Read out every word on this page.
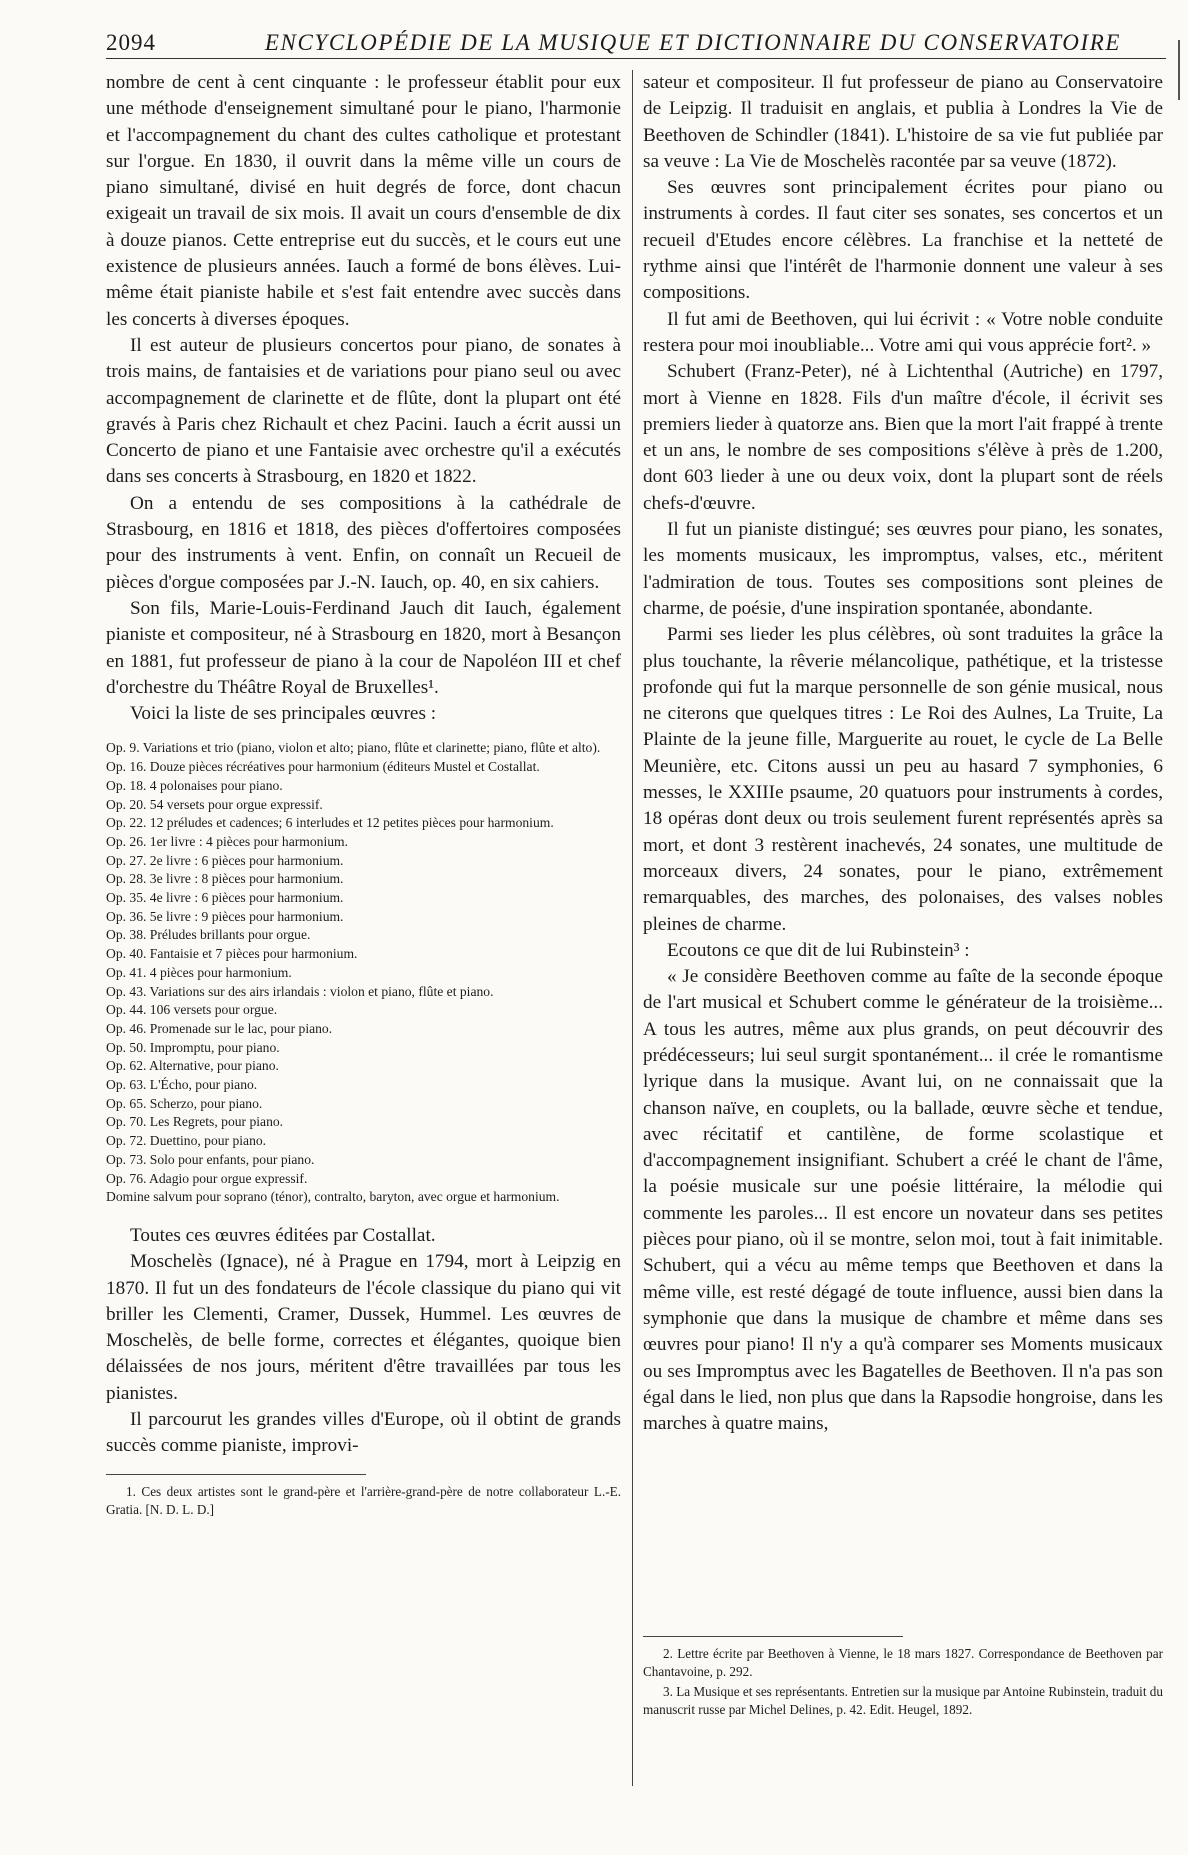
2094	ENCYCLOPÉDIE DE LA MUSIQUE ET DICTIONNAIRE DU CONSERVATOIRE

nombre de cent à cent cinquante : le professeur établit pour eux une méthode d'enseignement simultané pour le piano, l'harmonie et l'accompagnement du chant des cultes catholique et protestant sur l'orgue. En 1830, il ouvrit dans la même ville un cours de piano simultané, divisé en huit degrés de force, dont chacun exigeait un travail de six mois. Il avait un cours d'ensemble de dix à douze pianos. Cette entreprise eut du succès, et le cours eut une existence de plusieurs années. Iauch a formé de bons élèves. Lui-même était pianiste habile et s'est fait entendre avec succès dans les concerts à diverses époques.

Il est auteur de plusieurs concertos pour piano, de sonates à trois mains, de fantaisies et de variations pour piano seul ou avec accompagnement de clarinette et de flûte, dont la plupart ont été gravés à Paris chez Richault et chez Pacini. Iauch a écrit aussi un Concerto de piano et une Fantaisie avec orchestre qu'il a exécutés dans ses concerts à Strasbourg, en 1820 et 1822.

On a entendu de ses compositions à la cathédrale de Strasbourg, en 1816 et 1818, des pièces d'offertoires composées pour des instruments à vent. Enfin, on connaît un Recueil de pièces d'orgue composées par J.-N. Iauch, op. 40, en six cahiers.

Son fils, Marie-Louis-Ferdinand Jauch dit Iauch, également pianiste et compositeur, né à Strasbourg en 1820, mort à Besançon en 1881, fut professeur de piano à la cour de Napoléon III et chef d'orchestre du Théâtre Royal de Bruxelles¹.

Voici la liste de ses principales œuvres :

Op. 9. Variations et trio (piano, violon et alto; piano, flûte et clarinette; piano, flûte et alto).
Op. 16. Douze pièces récréatives pour harmonium (éditeurs Mustel et Costallat.
Op. 18. 4 polonaises pour piano.
Op. 20. 54 versets pour orgue expressif.
Op. 22. 12 préludes et cadences; 6 interludes et 12 petites pièces pour harmonium.
Op. 26. 1er livre : 4 pièces pour harmonium.
Op. 27. 2e livre : 6 pièces pour harmonium.
Op. 28. 3e livre : 8 pièces pour harmonium.
Op. 35. 4e livre : 6 pièces pour harmonium.
Op. 36. 5e livre : 9 pièces pour harmonium.
Op. 38. Préludes brillants pour orgue.
Op. 40. Fantaisie et 7 pièces pour harmonium.
Op. 41. 4 pièces pour harmonium.
Op. 43. Variations sur des airs irlandais : violon et piano, flûte et piano.
Op. 44. 106 versets pour orgue.
Op. 46. Promenade sur le lac, pour piano.
Op. 50. Impromptu, pour piano.
Op. 62. Alternative, pour piano.
Op. 63. L'Écho, pour piano.
Op. 65. Scherzo, pour piano.
Op. 70. Les Regrets, pour piano.
Op. 72. Duettino, pour piano.
Op. 73. Solo pour enfants, pour piano.
Op. 76. Adagio pour orgue expressif.
Domine salvum pour soprano (ténor), contralto, baryton, avec orgue et harmonium.

Toutes ces œuvres éditées par Costallat.

Moschelès (Ignace), né à Prague en 1794, mort à Leipzig en 1870. Il fut un des fondateurs de l'école classique du piano qui vit briller les Clementi, Cramer, Dussek, Hummel. Les œuvres de Moschelès, de belle forme, correctes et élégantes, quoique bien délaissées de nos jours, méritent d'être travaillées par tous les pianistes.

Il parcourut les grandes villes d'Europe, où il obtint de grands succès comme pianiste, improvi-

1. Ces deux artistes sont le grand-père et l'arrière-grand-père de notre collaborateur L.-E. Gratia. [N. D. L. D.]

sateur et compositeur. Il fut professeur de piano au Conservatoire de Leipzig. Il traduisit en anglais, et publia à Londres la Vie de Beethoven de Schindler (1841). L'histoire de sa vie fut publiée par sa veuve : La Vie de Moschelès racontée par sa veuve (1872).

Ses œuvres sont principalement écrites pour piano ou instruments à cordes. Il faut citer ses sonates, ses concertos et un recueil d'Etudes encore célèbres. La franchise et la netteté de rythme ainsi que l'intérêt de l'harmonie donnent une valeur à ses compositions.

Il fut ami de Beethoven, qui lui écrivit : « Votre noble conduite restera pour moi inoubliable... Votre ami qui vous apprécie fort². »

Schubert (Franz-Peter), né à Lichtenthal (Autriche) en 1797, mort à Vienne en 1828. Fils d'un maître d'école, il écrivit ses premiers lieder à quatorze ans. Bien que la mort l'ait frappé à trente et un ans, le nombre de ses compositions s'élève à près de 1.200, dont 603 lieder à une ou deux voix, dont la plupart sont de réels chefs-d'œuvre.

Il fut un pianiste distingué; ses œuvres pour piano, les sonates, les moments musicaux, les impromptus, valses, etc., méritent l'admiration de tous. Toutes ses compositions sont pleines de charme, de poésie, d'une inspiration spontanée, abondante.

Parmi ses lieder les plus célèbres, où sont traduites la grâce la plus touchante, la rêverie mélancolique, pathétique, et la tristesse profonde qui fut la marque personnelle de son génie musical, nous ne citerons que quelques titres : Le Roi des Aulnes, La Truite, La Plainte de la jeune fille, Marguerite au rouet, le cycle de La Belle Meunière, etc. Citons aussi un peu au hasard 7 symphonies, 6 messes, le XXIIIe psaume, 20 quatuors pour instruments à cordes, 18 opéras dont deux ou trois seulement furent représentés après sa mort, et dont 3 restèrent inachevés, 24 sonates, une multitude de morceaux divers, 24 sonates, pour le piano, extrêmement remarquables, des marches, des polonaises, des valses nobles pleines de charme.

Ecoutons ce que dit de lui Rubinstein³ :

« Je considère Beethoven comme au faîte de la seconde époque de l'art musical et Schubert comme le générateur de la troisième... A tous les autres, même aux plus grands, on peut découvrir des prédécesseurs; lui seul surgit spontanément... il crée le romantisme lyrique dans la musique. Avant lui, on ne connaissait que la chanson naïve, en couplets, ou la ballade, œuvre sèche et tendue, avec récitatif et cantilène, de forme scolastique et d'accompagnement insignifiant. Schubert a créé le chant de l'âme, la poésie musicale sur une poésie littéraire, la mélodie qui commente les paroles... Il est encore un novateur dans ses petites pièces pour piano, où il se montre, selon moi, tout à fait inimitable. Schubert, qui a vécu au même temps que Beethoven et dans la même ville, est resté dégagé de toute influence, aussi bien dans la symphonie que dans la musique de chambre et même dans ses œuvres pour piano! Il n'y a qu'à comparer ses Moments musicaux ou ses Impromptus avec les Bagatelles de Beethoven. Il n'a pas son égal dans le lied, non plus que dans la Rapsodie hongroise, dans les marches à quatre mains,

2. Lettre écrite par Beethoven à Vienne, le 18 mars 1827. Correspondance de Beethoven par Chantavoine, p. 292.

3. La Musique et ses représentants. Entretien sur la musique par Antoine Rubinstein, traduit du manuscrit russe par Michel Delines, p. 42. Edit. Heugel, 1892.
